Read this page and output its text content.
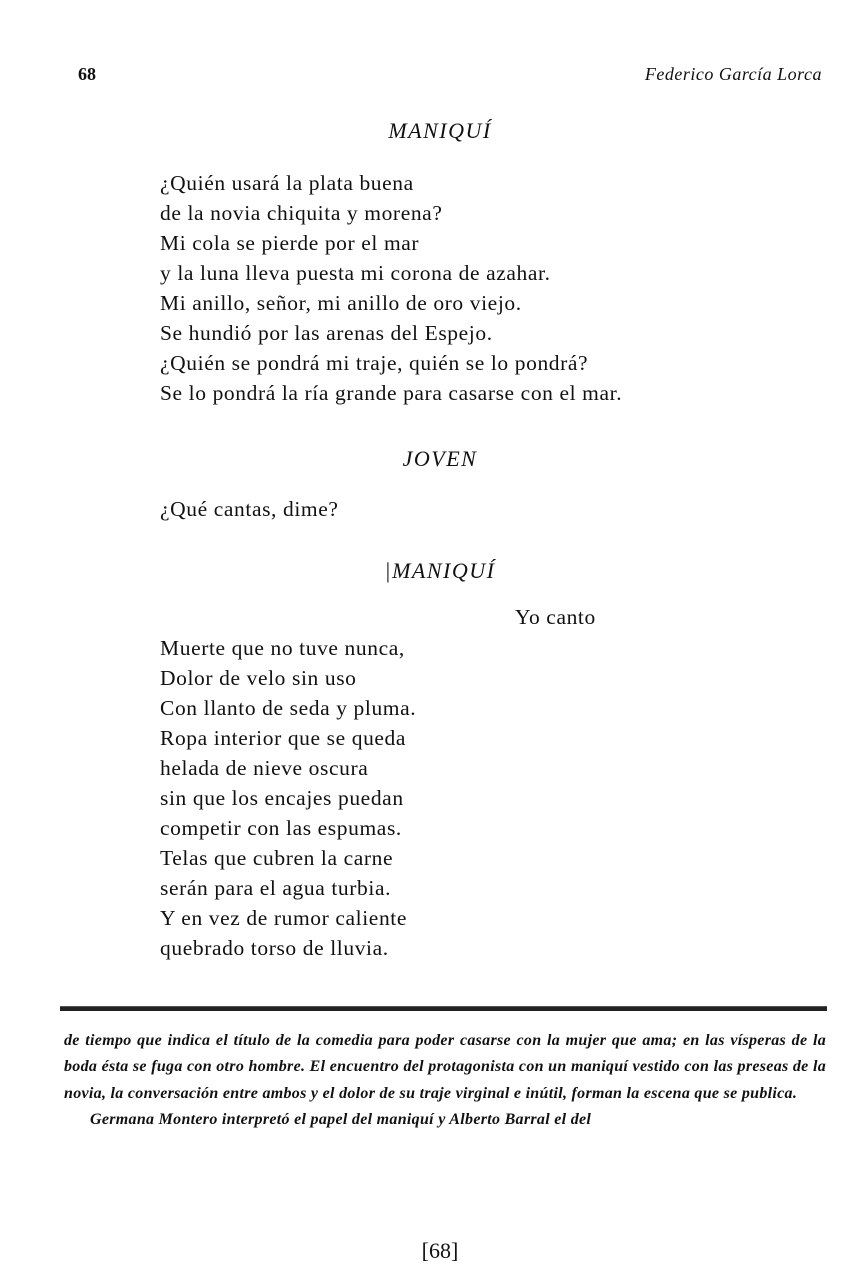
68	Federico García Lorca
MANIQUÍ
¿Quién usará la plata buena
de la novia chiquita y morena?
Mi cola se pierde por el mar
y la luna lleva puesta mi corona de azahar.
Mi anillo, señor, mi anillo de oro viejo.
Se hundió por las arenas del Espejo.
¿Quién se pondrá mi traje, quién se lo pondrá?
Se lo pondrá la ría grande para casarse con el mar.
JOVEN
¿Qué cantas, dime?
|MANIQUÍ
Yo canto
Muerte que no tuve nunca,
Dolor de velo sin uso
Con llanto de seda y pluma.
Ropa interior que se queda
helada de nieve oscura
sin que los encajes puedan
competir con las espumas.
Telas que cubren la carne
serán para el agua turbia.
Y en vez de rumor caliente
quebrado torso de lluvia.

de tiempo que indica el título de la comedia para poder casarse con la mujer que ama; en las vísperas de la boda ésta se fuga con otro hombre. El encuentro del protagonista con un maniquí vestido con las preseas de la novia, la conversación entre ambos y el dolor de su traje virginal e inútil, forman la escena que se publica.

Germana Montero interpretó el papel del maniquí y Alberto Barral el del

[68]
